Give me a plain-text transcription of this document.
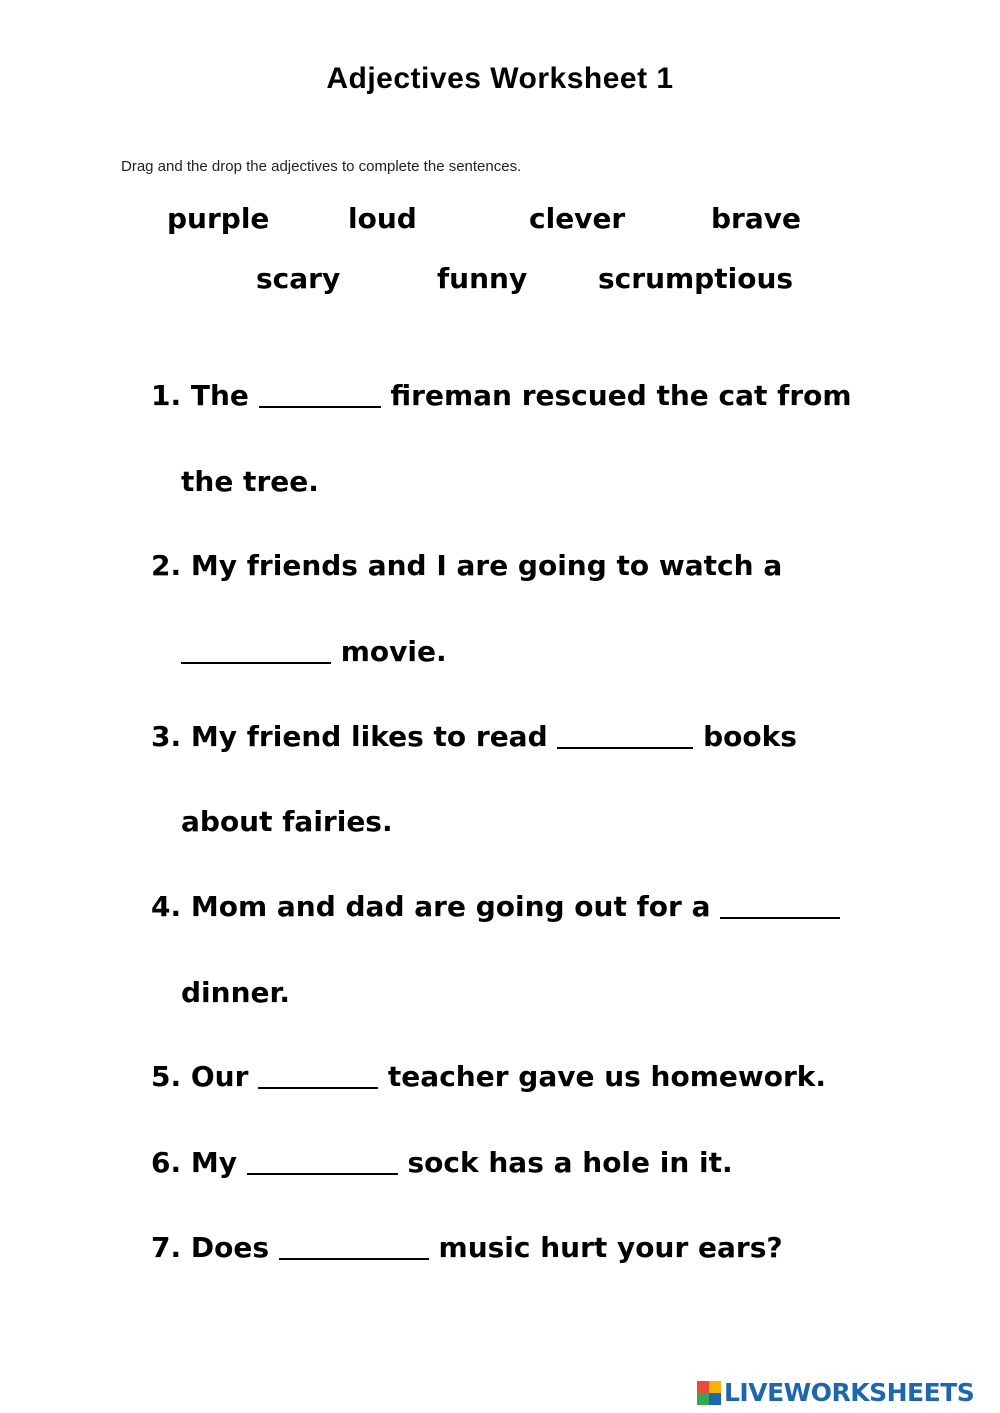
Adjectives Worksheet 1
Drag and the drop the adjectives to complete the sentences.
purple	loud	clever	brave
scary	funny	scrumptious
1. The	fireman rescued the cat from
the tree.
2. My friends and I are going to watch a
movie.
3. My friend likes to read	books
about fairies.
4. Mom and dad are going out for a
dinner.
5. Our	teacher gave us homework.
6. My	sock has a hole in it.
7. Does	music hurt your ears?
LIVEWORKSHEETS
